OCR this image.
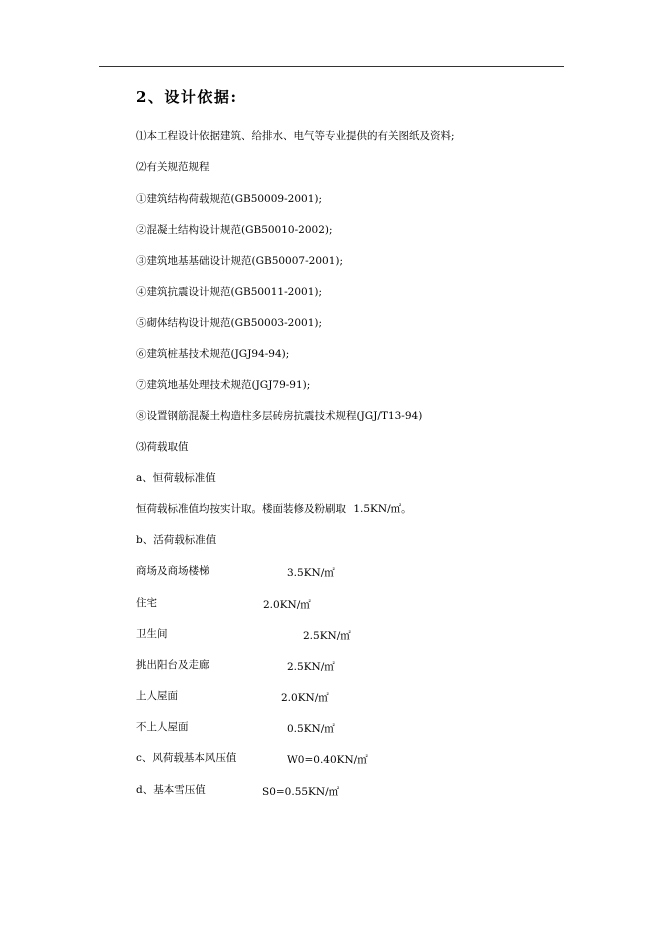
2、设计依据:
⑴本工程设计依据建筑、给排水、电气等专业提供的有关图纸及资料;
⑵有关规范规程
①建筑结构荷载规范(GB50009-2001);
②混凝土结构设计规范(GB50010-2002);
③建筑地基基础设计规范(GB50007-2001);
④建筑抗震设计规范(GB50011-2001);
⑤砌体结构设计规范(GB50003-2001);
⑥建筑桩基技术规范(JGJ94-94);
⑦建筑地基处理技术规范(JGJ79-91);
⑧设置钢筋混凝土构造柱多层砖房抗震技术规程(JGJ/T13-94)
⑶荷载取值
a、恒荷载标准值
恒荷载标准值均按实计取。楼面装修及粉刷取 1.5KN/㎡。
b、活荷载标准值
商场及商场楼梯	3.5KN/㎡
住宅	2.0KN/㎡
卫生间	2.5KN/㎡
挑出阳台及走廊	2.5KN/㎡
上人屋面	2.0KN/㎡
不上人屋面	0.5KN/㎡
c、风荷载基本风压值	W0=0.40KN/㎡
d、基本雪压值	S0=0.55KN/㎡
